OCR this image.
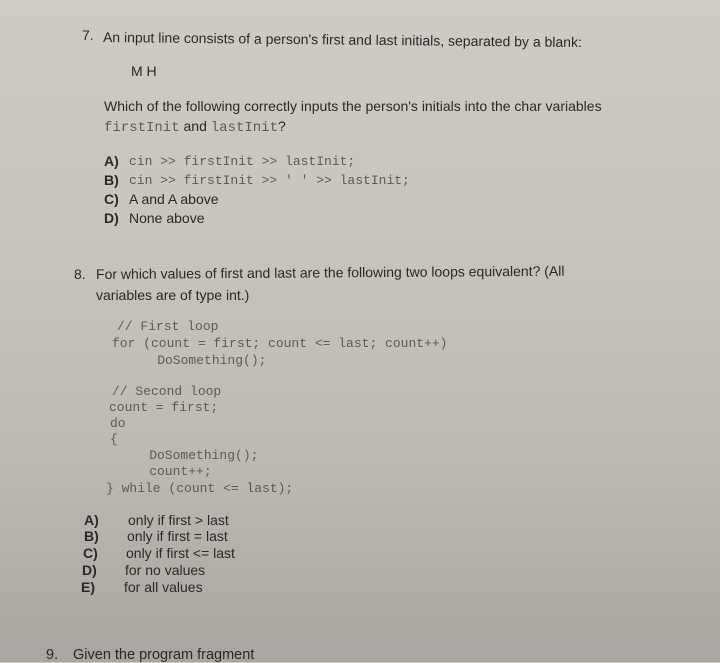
7. An input line consists of a person's first and last initials, separated by a blank:
M H
Which of the following correctly inputs the person's initials into the char variables
firstInit and lastInit?
A) cin >> firstInit >> lastInit;
B) cin >> firstInit >> ' ' >> lastInit;
C) A and A above
D) None above
8. For which values of first and last are the following two loops equivalent? (All
variables are of type int.)
// First loop
for (count = first; count <= last; count++)
DoSomething();
// Second loop
count = first;
do
{
DoSomething();
count++;
} while (count <= last);
A) only if first > last
B) only if first = last
C) only if first <= last
D) for no values
E) for all values
9. Given the program fragment
